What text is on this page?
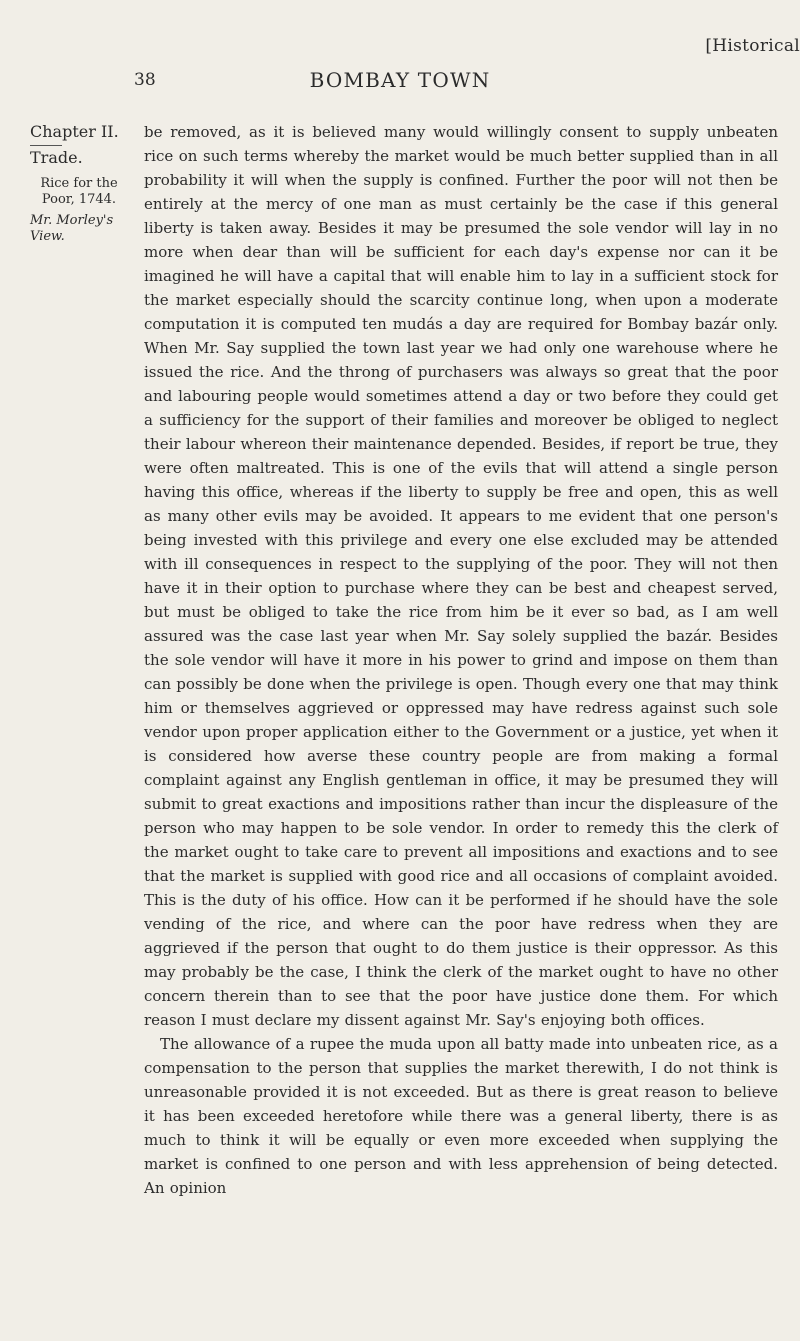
[Historical
38	BOMBAY TOWN
Chapter II.
Trade.
Rice for the Poor, 1744.
Mr. Morley's View.

be removed, as it is believed many would willingly consent to supply unbeaten rice on such terms whereby the market would be much better supplied than in all probability it will when the supply is confined. Further the poor will not then be entirely at the mercy of one man as must certainly be the case if this general liberty is taken away. Besides it may be presumed the sole vendor will lay in no more when dear than will be sufficient for each day's expense nor can it be imagined he will have a capital that will enable him to lay in a sufficient stock for the market especially should the scarcity continue long, when upon a moderate computation it is computed ten mudás a day are required for Bombay bazár only. When Mr. Say supplied the town last year we had only one warehouse where he issued the rice. And the throng of purchasers was always so great that the poor and labouring people would sometimes attend a day or two before they could get a sufficiency for the support of their families and moreover be obliged to neglect their labour whereon their maintenance depended. Besides, if report be true, they were often maltreated. This is one of the evils that will attend a single person having this office, whereas if the liberty to supply be free and open, this as well as many other evils may be avoided. It appears to me evident that one person's being invested with this privilege and every one else excluded may be attended with ill consequences in respect to the supplying of the poor. They will not then have it in their option to purchase where they can be best and cheapest served, but must be obliged to take the rice from him be it ever so bad, as I am well assured was the case last year when Mr. Say solely supplied the bazár. Besides the sole vendor will have it more in his power to grind and impose on them than can possibly be done when the privilege is open. Though every one that may think him or themselves aggrieved or oppressed may have redress against such sole vendor upon proper application either to the Government or a justice, yet when it is considered how averse these country people are from making a formal complaint against any English gentleman in office, it may be presumed they will submit to great exactions and impositions rather than incur the displeasure of the person who may happen to be sole vendor. In order to remedy this the clerk of the market ought to take care to prevent all impositions and exactions and to see that the market is supplied with good rice and all occasions of complaint avoided. This is the duty of his office. How can it be performed if he should have the sole vending of the rice, and where can the poor have redress when they are aggrieved if the person that ought to do them justice is their oppressor. As this may probably be the case, I think the clerk of the market ought to have no other concern therein than to see that the poor have justice done them. For which reason I must declare my dissent against Mr. Say's enjoying both offices.

The allowance of a rupee the muda upon all batty made into unbeaten rice, as a compensation to the person that supplies the market therewith, I do not think is unreasonable provided it is not exceeded. But as there is great reason to believe it has been exceeded heretofore while there was a general liberty, there is as much to think it will be equally or even more exceeded when supplying the market is confined to one person and with less apprehension of being detected. An opinion
